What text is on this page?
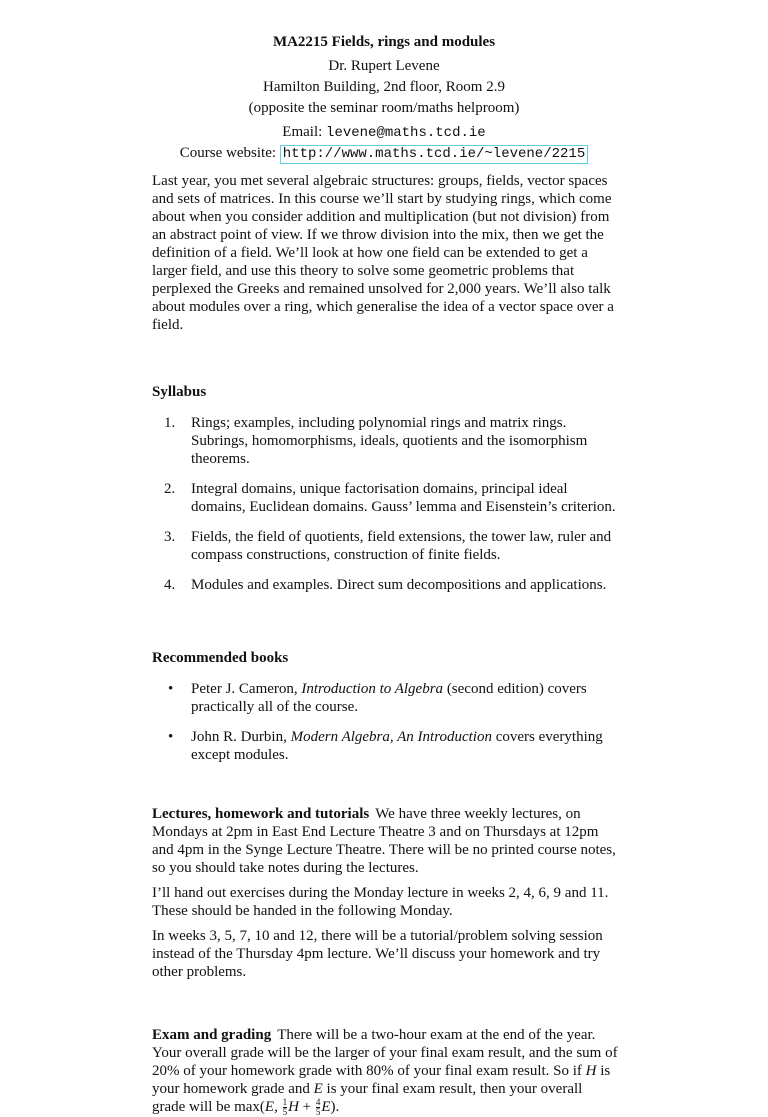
MA2215 Fields, rings and modules
Dr. Rupert Levene
Hamilton Building, 2nd floor, Room 2.9
(opposite the seminar room/maths helproom)
Email: levene@maths.tcd.ie
Course website: http://www.maths.tcd.ie/~levene/2215

Last year, you met several algebraic structures: groups, fields, vector spaces and sets of matrices. In this course we’ll start by studying rings, which come about when you consider addition and multiplication (but not division) from an abstract point of view. If we throw division into the mix, then we get the definition of a field. We’ll look at how one field can be extended to get a larger field, and use this theory to solve some geometric problems that perplexed the Greeks and remained unsolved for 2,000 years. We’ll also talk about modules over a ring, which generalise the idea of a vector space over a field.

Syllabus
1. Rings; examples, including polynomial rings and matrix rings. Subrings, homomorphisms, ideals, quotients and the isomorphism theorems.
2. Integral domains, unique factorisation domains, principal ideal domains, Euclidean domains. Gauss’ lemma and Eisenstein’s criterion.
3. Fields, the field of quotients, field extensions, the tower law, ruler and compass constructions, construction of finite fields.
4. Modules and examples. Direct sum decompositions and applications.
Recommended books
• Peter J. Cameron, Introduction to Algebra (second edition) covers practically all of the course.
• John R. Durbin, Modern Algebra, An Introduction covers everything except modules.

Lectures, homework and tutorials We have three weekly lectures, on Mondays at 2pm in East End Lecture Theatre 3 and on Thursdays at 12pm and 4pm in the Synge Lecture Theatre. There will be no printed course notes, so you should take notes during the lectures.

I’ll hand out exercises during the Monday lecture in weeks 2, 4, 6, 9 and 11. These should be handed in the following Monday.

In weeks 3, 5, 7, 10 and 12, there will be a tutorial/problem solving session instead of the Thursday 4pm lecture. We’ll discuss your homework and try other problems.

Exam and grading There will be a two-hour exam at the end of the year. Your overall grade will be the larger of your final exam result, and the sum of 20% of your homework grade with 80% of your final exam result. So if H is your homework grade and E is your final exam result, then your overall grade will be max(E, $\frac{1}{5}$ $H + \frac{4}{5} E$).
